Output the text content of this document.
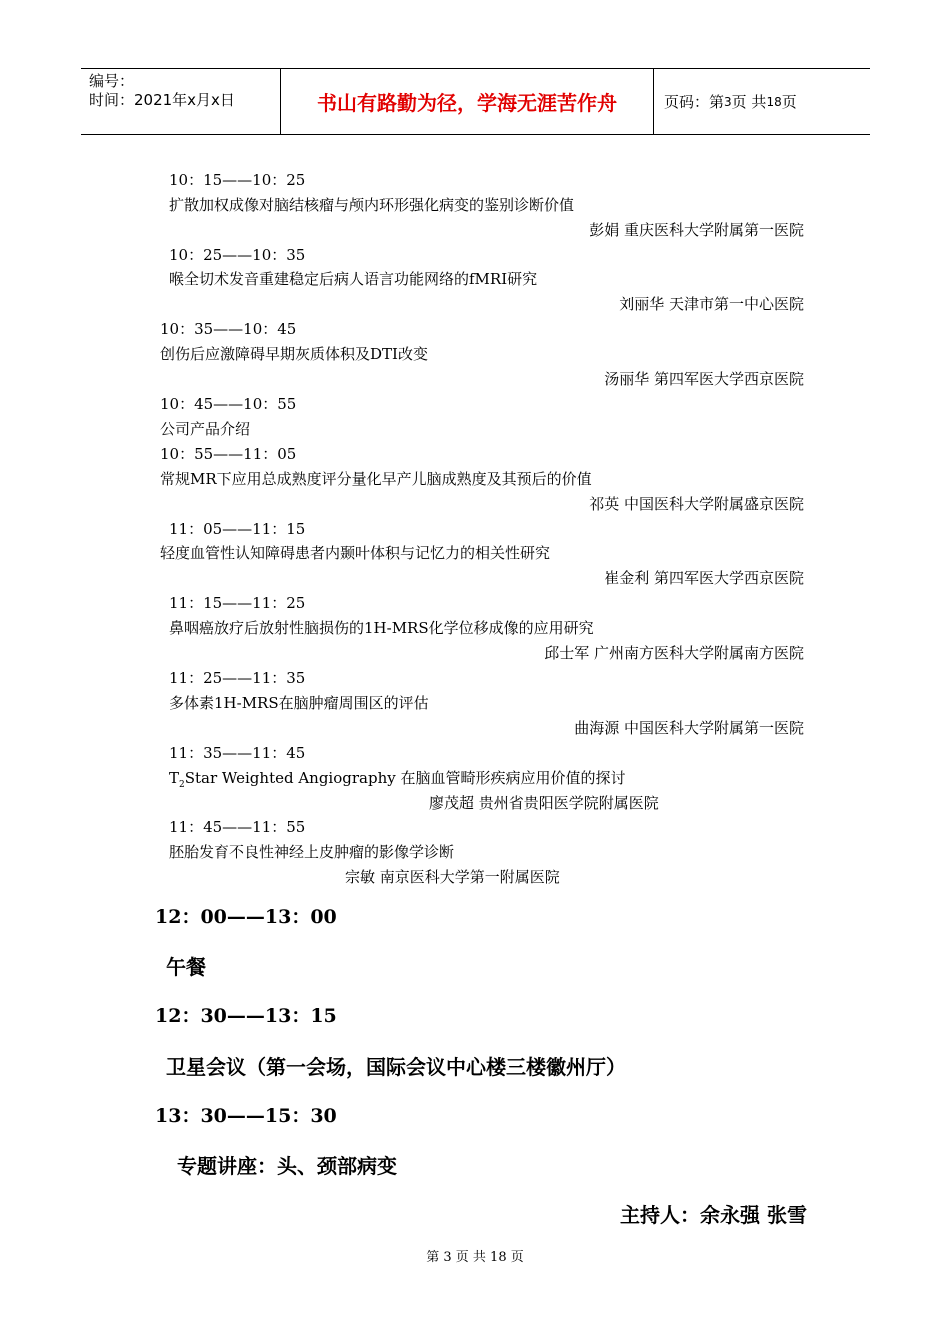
编号：
时间：2021年x月x日	书山有路勤为径，学海无涯苦作舟	页码：第 3 页 共 18 页
10：15——10：25
扩散加权成像对脑结核瘤与颅内环形强化病变的鉴别诊断价值
彭娟 重庆医科大学附属第一医院
10：25——10：35
喉全切术发音重建稳定后病人语言功能网络的fMRI研究
刘丽华 天津市第一中心医院
10：35——10：45
创伤后应激障碍早期灰质体积及DTI改变
汤丽华 第四军医大学西京医院
10：45——10：55
公司产品介绍
10：55——11：05
常规MR下应用总成熟度评分量化早产儿脑成熟度及其预后的价值
祁英 中国医科大学附属盛京医院
11：05——11：15
轻度血管性认知障碍患者内颞叶体积与记忆力的相关性研究
崔金利 第四军医大学西京医院
11：15——11：25
鼻咽癌放疗后放射性脑损伤的1H-MRS化学位移成像的应用研究
邱士军 广州南方医科大学附属南方医院
11：25——11：35
多体素1H-MRS在脑肿瘤周围区的评估
曲海源 中国医科大学附属第一医院
11：35——11：45
$T_2Star$ Weighted Angiography 在脑血管畸形疾病应用价值的探讨
廖茂超 贵州省贵阳医学院附属医院
11：45——11：55
胚胎发育不良性神经上皮肿瘤的影像学诊断
宗敏 南京医科大学第一附属医院
12：00——13：00
午餐
12：30——13：15
卫星会议（第一会场，国际会议中心楼三楼徽州厅）
13：30——15：30
专题讲座：头、颈部病变
主持人：余永强 张雪
第 3 页 共 18 页
